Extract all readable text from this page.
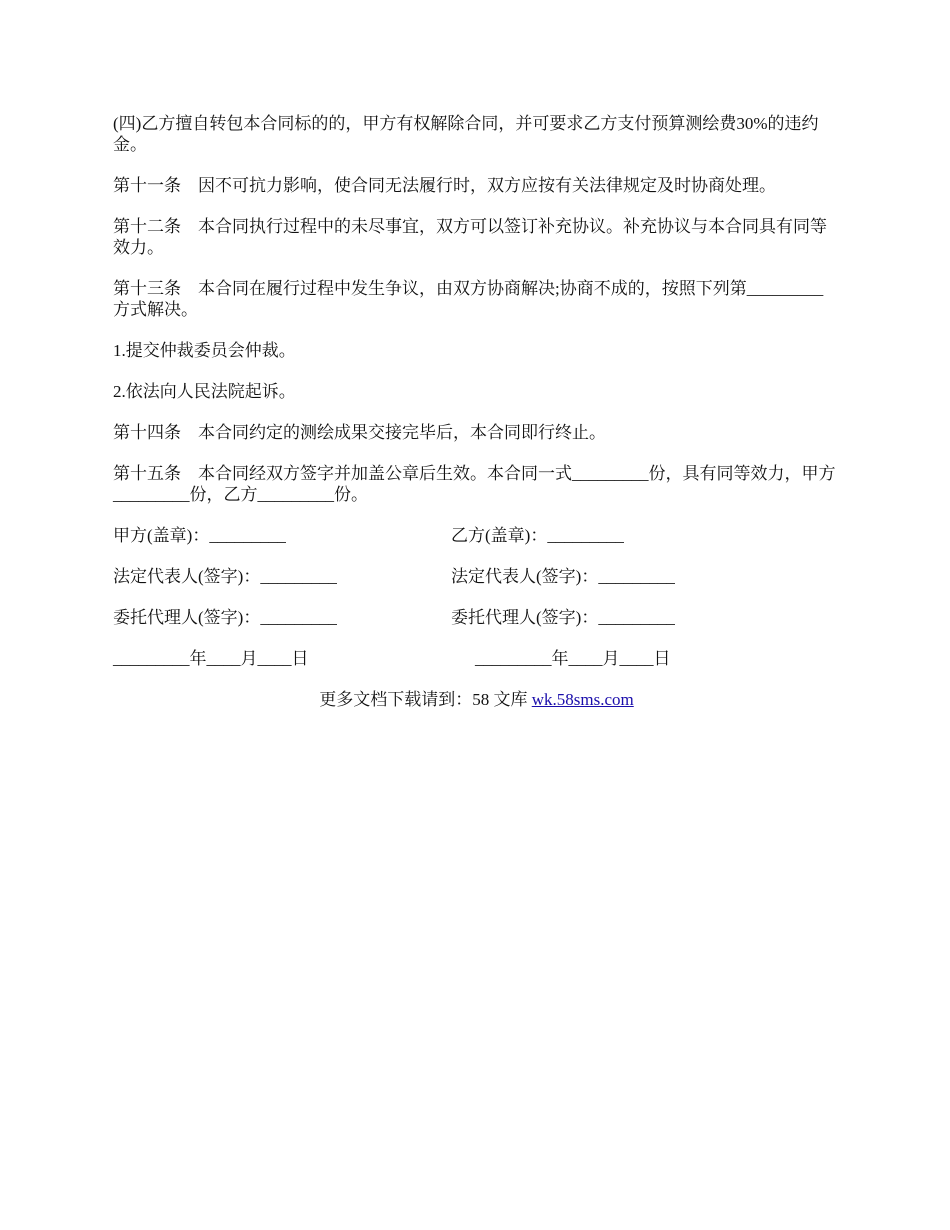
(四)乙方擅自转包本合同标的的，甲方有权解除合同，并可要求乙方支付预算测绘费30%的违约金。

第十一条　因不可抗力影响，使合同无法履行时，双方应按有关法律规定及时协商处理。

第十二条　本合同执行过程中的未尽事宜，双方可以签订补充协议。补充协议与本合同具有同等效力。

第十三条　本合同在履行过程中发生争议，由双方协商解决;协商不成的，按照下列第_________方式解决。

1.提交仲裁委员会仲裁。

2.依法向人民法院起诉。

第十四条　本合同约定的测绘成果交接完毕后，本合同即行终止。

第十五条　本合同经双方签字并加盖公章后生效。本合同一式_________份，具有同等效力，甲方_________份，乙方_________份。

甲方(盖章)：_________	乙方(盖章)：_________
法定代表人(签字)：_________	法定代表人(签字)：_________
委托代理人(签字)：_________	委托代理人(签字)：_________
_________年____月____日	_________年____月____日

更多文档下载请到：58 文库 wk.58sms.com
